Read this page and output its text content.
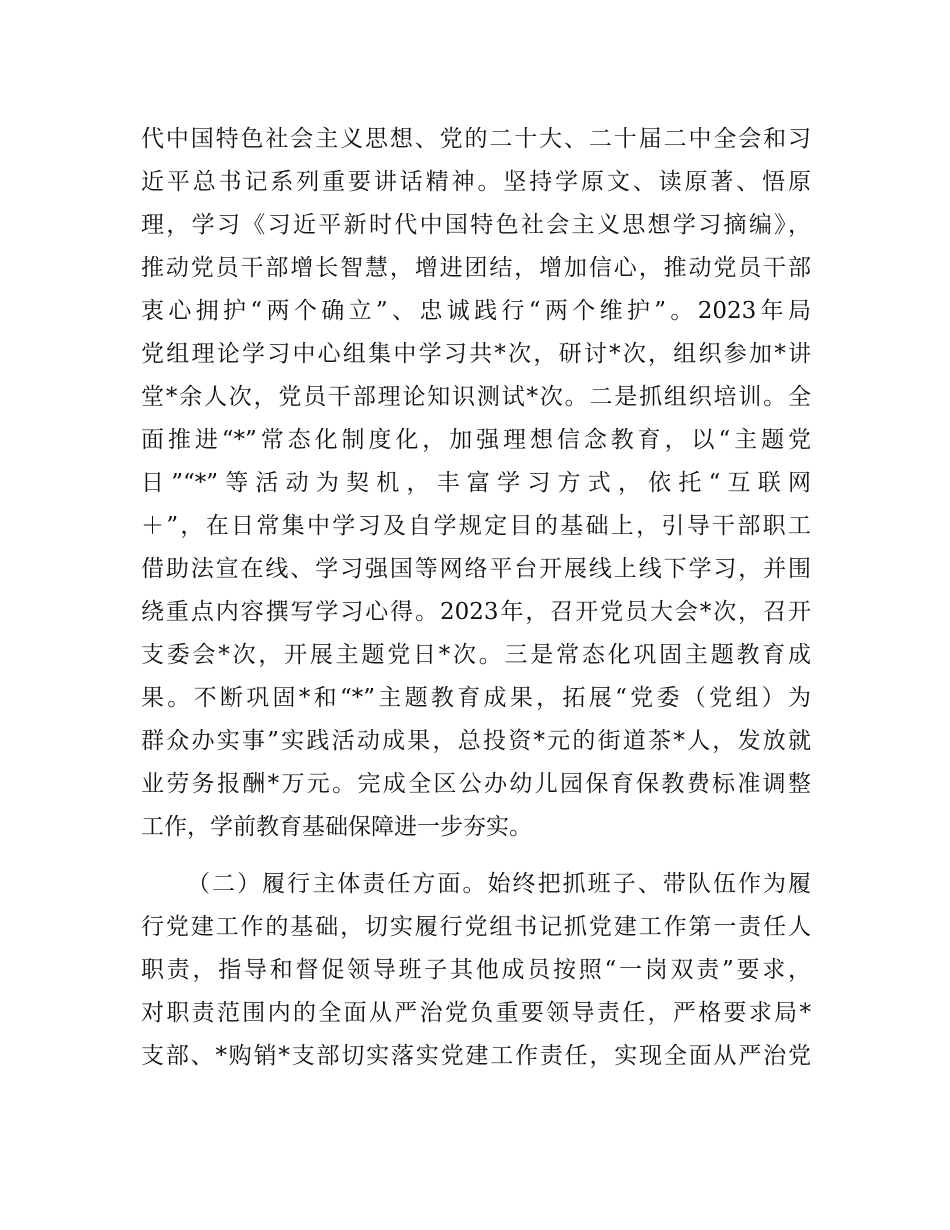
代中国特色社会主义思想、党的二十大、二十届二中全会和习
近平总书记系列重要讲话精神。坚持学原文、读原著、悟原
理，学习《习近平新时代中国特色社会主义思想学习摘编》，
推动党员干部增长智慧，增进团结，增加信心，推动党员干部
衷心拥护“两个确立”、忠诚践行“两个维护”。2023年局
党组理论学习中心组集中学习共*次，研讨*次，组织参加*讲
堂*余人次，党员干部理论知识测试*次。二是抓组织培训。全
面推进“*”常态化制度化，加强理想信念教育，以“主题党
日”“*”等活动为契机，丰富学习方式，依托“互联网
＋”，在日常集中学习及自学规定目的基础上，引导干部职工
借助法宣在线、学习强国等网络平台开展线上线下学习，并围
绕重点内容撰写学习心得。2023年，召开党员大会*次，召开
支委会*次，开展主题党日*次。三是常态化巩固主题教育成
果。不断巩固*和“*”主题教育成果，拓展“党委（党组）为
群众办实事”实践活动成果，总投资*元的街道茶*人，发放就
业劳务报酬*万元。完成全区公办幼儿园保育保教费标准调整
工作，学前教育基础保障进一步夯实。
（二）履行主体责任方面。始终把抓班子、带队伍作为履
行党建工作的基础，切实履行党组书记抓党建工作第一责任人
职责，指导和督促领导班子其他成员按照“一岗双责”要求，
对职责范围内的全面从严治党负重要领导责任，严格要求局*
支部、*购销*支部切实落实党建工作责任，实现全面从严治党
